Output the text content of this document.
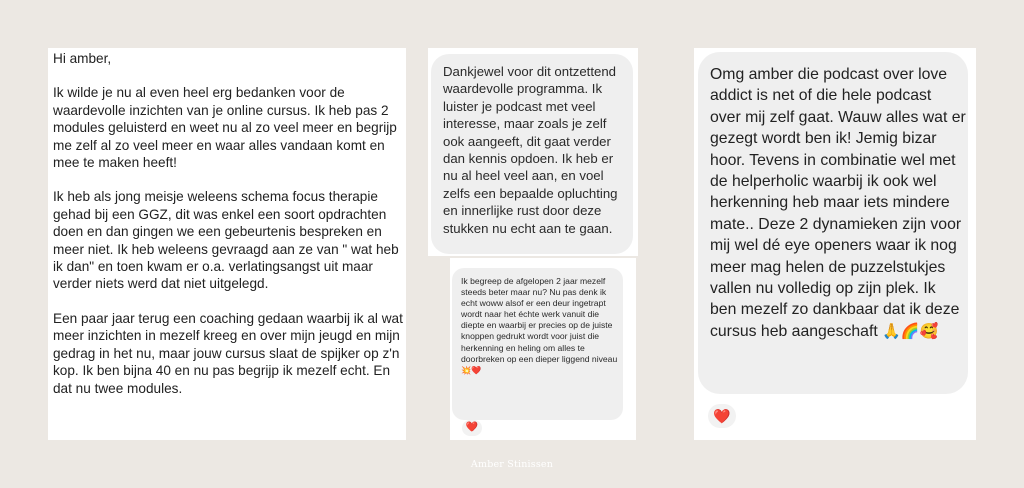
Hi amber,

Ik wilde je nu al even heel erg bedanken voor de waardevolle inzichten van je online cursus. Ik heb pas 2 modules geluisterd en weet nu al zo veel meer en begrijp me zelf al zo veel meer en waar alles vandaan komt en mee te maken heeft!

Ik heb als jong meisje weleens schema focus therapie gehad bij een GGZ, dit was enkel een soort opdrachten doen en dan gingen we een gebeurtenis bespreken en meer niet. Ik heb weleens gevraagd aan ze van " wat heb ik dan" en toen kwam er o.a. verlatingsangst uit maar verder niets werd dat niet uitgelegd.

Een paar jaar terug een coaching gedaan waarbij ik al wat meer inzichten in mezelf kreeg en over mijn jeugd en mijn gedrag in het nu, maar jouw cursus slaat de spijker op z'n kop. Ik ben bijna 40 en nu pas begrijp ik mezelf echt. En dat nu twee modules.

Dankjewel voor dit ontzettend waardevolle programma. Ik luister je podcast met veel interesse, maar zoals je zelf ook aangeeft, dit gaat verder dan kennis opdoen. Ik heb er nu al heel veel aan, en voel zelfs een bepaalde opluchting en innerlijke rust door deze stukken nu echt aan te gaan.

Ik begreep de afgelopen 2 jaar mezelf steeds beter maar nu? Nu pas denk ik echt woww alsof er een deur ingetrapt wordt naar het échte werk vanuit die diepte en waarbij er precies op de juiste knoppen gedrukt wordt voor juist die herkenning en heling om alles te doorbreken op een dieper liggend niveau 💥❤️

❤️

Omg amber die podcast over love addict is net of die hele podcast over mij zelf gaat. Wauw alles wat er gezegt wordt ben ik! Jemig bizar hoor. Tevens in combinatie wel met de helperholic waarbij ik ook wel herkenning heb maar iets mindere mate.. Deze 2 dynamieken zijn voor mij wel dé eye openers waar ik nog meer mag helen de puzzelstukjes vallen nu volledig op zijn plek. Ik ben mezelf zo dankbaar dat ik deze cursus heb aangeschaft 🙏🌈🥰

❤️
Amber Stinissen
